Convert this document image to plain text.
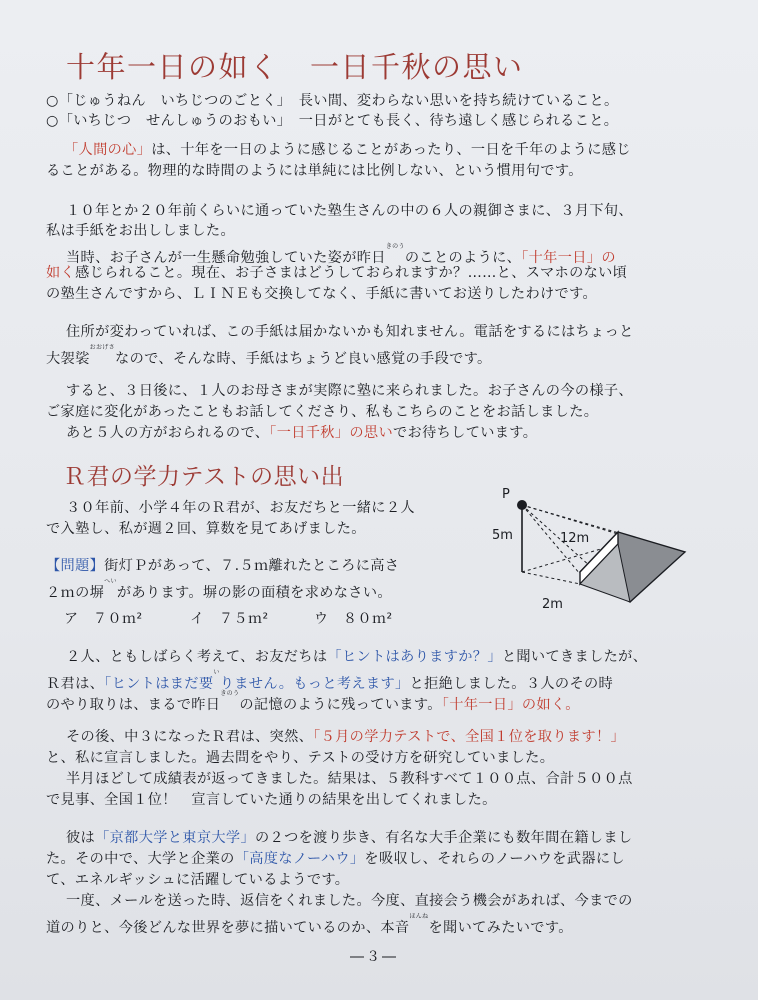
十年一日の如く　一日千秋の思い
○「じゅうねん　いちじつのごとく」　長い間、変わらない思いを持ち続けていること。
○「いちじつ　せんしゅうのおもい」　一日がとても長く、待ち遠しく感じられること。
「人間の心」は、十年を一日のように感じることがあったり、一日を千年のように感じ
ることがある。物理的な時間のようには単純には比例しない、という慣用句です。
１０年とか２０年前くらいに通っていた塾生さんの中の６人の親御さまに、３月下旬、
私は手紙をお出ししました。
当時、お子さんが一生懸命勉強していた姿が昨日きのうのことのように、「十年一日」の
如く感じられること。現在、お子さまはどうしておられますか？……と、スマホのない頃
の塾生さんですから、ＬＩＮＥも交換してなく、手紙に書いてお送りしたわけです。
住所が変わっていれば、この手紙は届かないかも知れません。電話をするにはちょっと
大袈裟おおげさなので、そんな時、手紙はちょうど良い感覚の手段です。
すると、３日後に、１人のお母さまが実際に塾に来られました。お子さんの今の様子、
ご家庭に変化があったこともお話してくださり、私もこちらのことをお話しました。
あと５人の方がおられるので、「一日千秋」の思いでお待ちしています。
Ｒ君の学力テストの思い出
３０年前、小学４年のＲ君が、お友だちと一緒に２人
で入塾し、私が週２回、算数を見てあげました。
【問題】街灯Ｐがあって、７.５ｍ離れたところに高さ
２ｍの塀へいがあります。塀の影の面積を求めなさい。
ア　７０ｍ²	イ　７５ｍ²	ウ　８０ｍ²
P
5m	12m
2m
２人、ともしばらく考えて、お友だちは「ヒントはありますか？」と聞いてきましたが、
Ｒ君は、「ヒントはまだ要いりません。もっと考えます」と拒絶しました。３人のその時
のやり取りは、まるで昨日きのうの記憶のように残っています。「十年一日」の如く。
その後、中３になったＲ君は、突然、「５月の学力テストで、全国１位を取ります！」
と、私に宣言しました。過去問をやり、テストの受け方を研究していました。
半月ほどして成績表が返ってきました。結果は、５教科すべて１００点、合計５００点
で見事、全国１位！　宣言していた通りの結果を出してくれました。
彼は「京都大学と東京大学」の２つを渡り歩き、有名な大手企業にも数年間在籍しまし
た。その中で、大学と企業の「高度なノーハウ」を吸収し、それらのノーハウを武器にし
て、エネルギッシュに活躍しているようです。
一度、メールを送った時、返信をくれました。今度、直接会う機会があれば、今までの
道のりと、今後どんな世界を夢に描いているのか、本音ほんねを聞いてみたいです。
―３―
